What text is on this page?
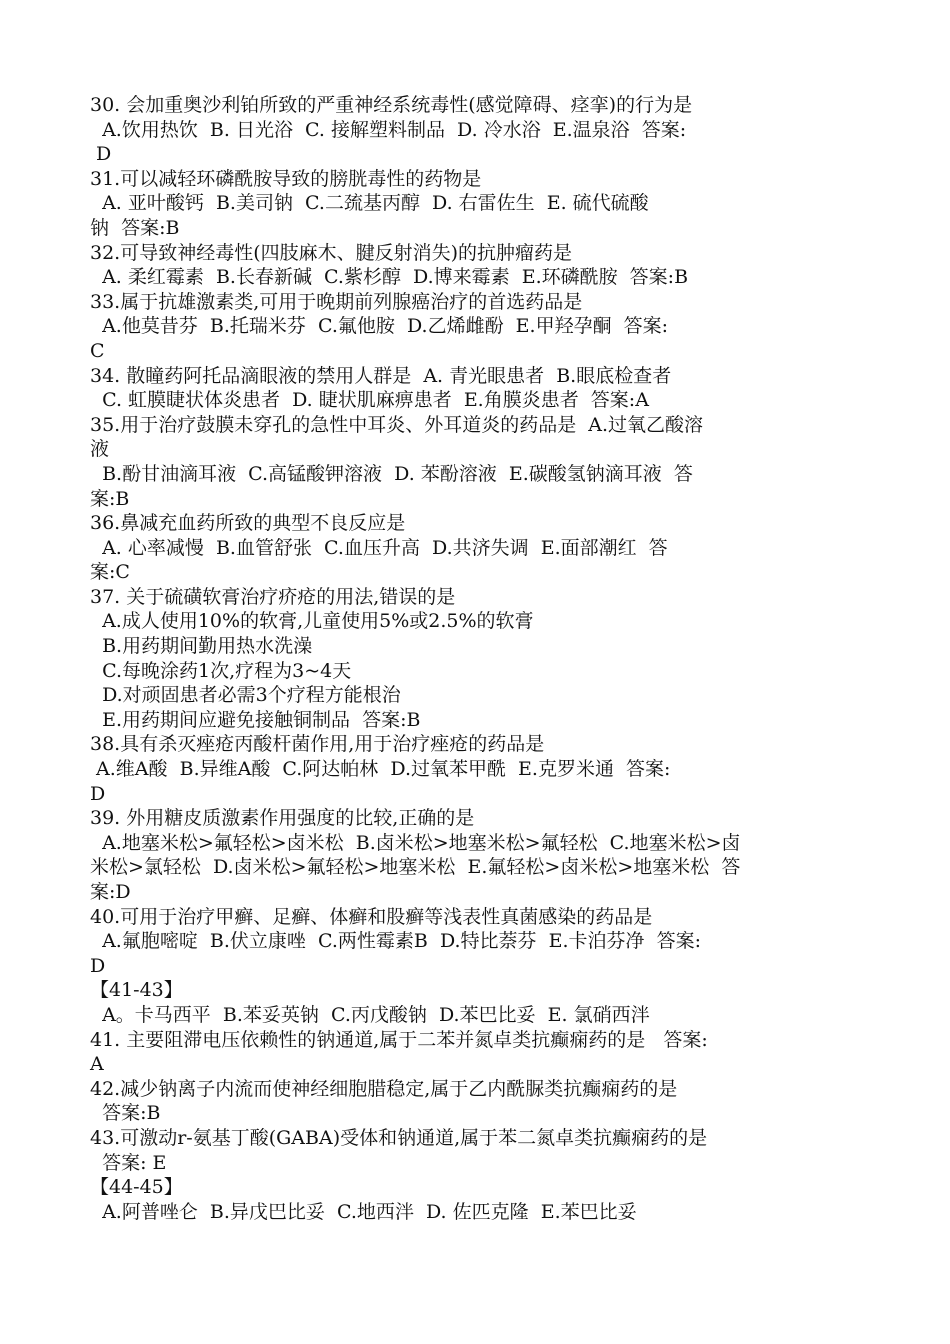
30. 会加重奥沙利铂所致的严重神经系统毒性(感觉障碍、痉挛)的行为是
A.饮用热饮  B. 日光浴  C. 接解塑料制品  D. 冷水浴  E.温泉浴  答案:
D
31.可以减轻环磷酰胺导致的膀胱毒性的药物是
A. 亚叶酸钙  B.美司钠  C.二巯基丙醇  D. 右雷佐生  E. 硫代硫酸
钠  答案:B
32.可导致神经毒性(四肢麻木、腱反射消失)的抗肿瘤药是
A. 柔红霉素  B.长春新碱  C.紫杉醇  D.博来霉素  E.环磷酰胺  答案:B
33.属于抗雄激素类,可用于晚期前列腺癌治疗的首选药品是
A.他莫昔芬  B.托瑞米芬  C.氟他胺  D.乙烯雌酚  E.甲羟孕酮  答案:
C
34. 散瞳药阿托品滴眼液的禁用人群是  A. 青光眼患者  B.眼底检查者
C. 虹膜睫状体炎患者  D. 睫状肌麻痹患者  E.角膜炎患者  答案:A
35.用于治疗鼓膜未穿孔的急性中耳炎、外耳道炎的药品是  A.过氧乙酸溶
液
B.酚甘油滴耳液  C.高锰酸钾溶液  D. 苯酚溶液  E.碳酸氢钠滴耳液  答
案:B
36.鼻减充血药所致的典型不良反应是
A. 心率减慢  B.血管舒张  C.血压升高  D.共济失调  E.面部潮红  答
案:C
37. 关于硫磺软膏治疗疥疮的用法,错误的是
A.成人使用10%的软膏,儿童使用5%或2.5%的软膏
B.用药期间勤用热水洗澡
C.每晚涂药1次,疗程为3~4天
D.对顽固患者必需3个疗程方能根治
E.用药期间应避免接触铜制品  答案:B
38.具有杀灭痤疮丙酸杆菌作用,用于治疗痤疮的药品是
A.维A酸  B.异维A酸  C.阿达帕林  D.过氧苯甲酰  E.克罗米通  答案:
D
39. 外用糖皮质激素作用强度的比较,正确的是
A.地塞米松>氟轻松>卤米松  B.卤米松>地塞米松>氟轻松  C.地塞米松>卤
米松>氯轻松  D.卤米松>氟轻松>地塞米松  E.氟轻松>卤米松>地塞米松  答
案:D
40.可用于治疗甲癣、足癣、体癣和股癣等浅表性真菌感染的药品是
A.氟胞嘧啶  B.伏立康唑  C.两性霉素B  D.特比萘芬  E.卡泊芬净  答案:
D
【41-43】
A。卡马西平  B.苯妥英钠  C.丙戊酸钠  D.苯巴比妥  E. 氯硝西泮
41. 主要阻滞电压依赖性的钠通道,属于二苯并氮卓类抗癫痫药的是   答案:
A
42.减少钠离子内流而使神经细胞腊稳定,属于乙内酰脲类抗癫痫药的是
答案:B
43.可激动r-氨基丁酸(GABA)受体和钠通道,属于苯二氮卓类抗癫痫药的是
答案: E
【44-45】
A.阿普唑仑  B.异戊巴比妥  C.地西泮  D. 佐匹克隆  E.苯巴比妥
